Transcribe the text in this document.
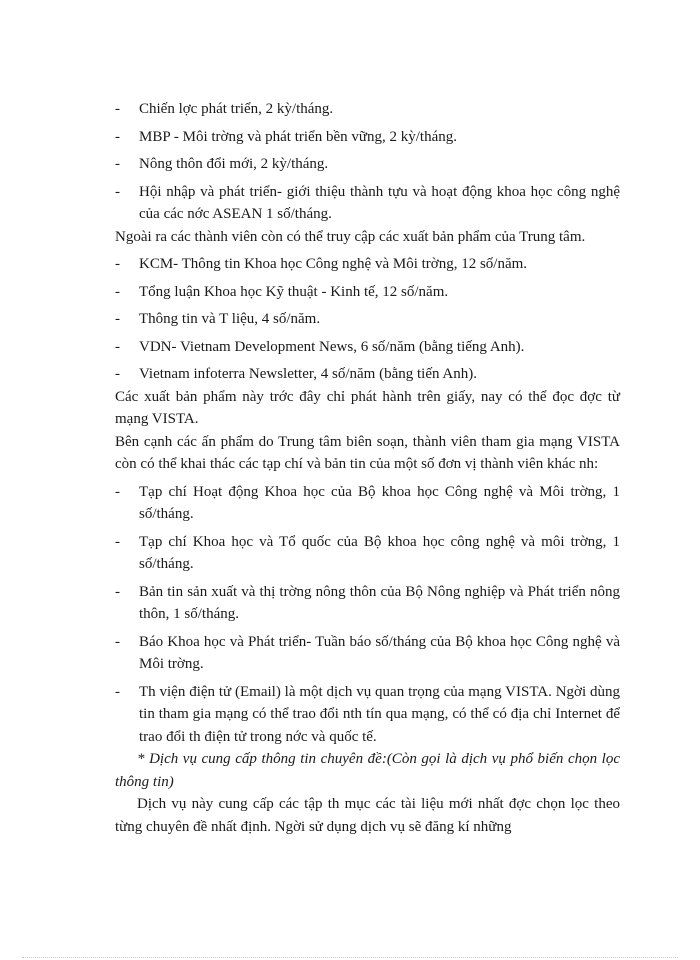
-	Chiến lợc phát triển, 2 kỳ/tháng.
-	MBP - Môi trờng và phát triển bền vững, 2 kỳ/tháng.
-	Nông thôn đổi mới, 2 kỳ/tháng.
-	Hội nhập và phát triển- giới thiệu thành tựu và hoạt động khoa học công nghệ của các nớc ASEAN 1 số/tháng.

Ngoài ra các thành viên còn có thể truy cập các xuất bản phẩm của Trung tâm.

-	KCM- Thông tin Khoa học Công nghệ và Môi trờng, 12 số/năm.
-	Tổng luận Khoa học Kỹ thuật - Kinh tế, 12 số/năm.
-	Thông tin và T liệu, 4 số/năm.
-	VDN- Vietnam Development News, 6 số/năm (bằng tiếng Anh).
-	Vietnam infoterra Newsletter, 4 số/năm (bằng tiến Anh).

Các xuất bản phẩm này trớc đây chỉ phát hành trên giấy, nay có thể đọc đợc từ mạng VISTA.

Bên cạnh các ấn phẩm do Trung tâm biên soạn, thành viên tham gia mạng VISTA còn có thể khai thác các tạp chí và bản tin của một số đơn vị thành viên khác nh:

-	Tạp chí Hoạt động Khoa học của Bộ khoa học Công nghệ và Môi trờng, 1 số/tháng.
-	Tạp chí Khoa học và Tổ quốc của Bộ khoa học công nghệ và môi trờng, 1 số/tháng.
-	Bản tin sản xuất và thị trờng nông thôn của Bộ Nông nghiệp và Phát triển nông thôn, 1 số/tháng.
-	Báo Khoa học và Phát triển- Tuần báo số/tháng của Bộ khoa học Công nghệ và Môi trờng.
-	Th viện điện tử (Email) là một dịch vụ quan trọng của mạng VISTA. Ngời dùng tin tham gia mạng có thể trao đổi nth tín qua mạng, có thể có địa chỉ Internet để trao đổi th điện tử trong nớc và quốc tế.

* Dịch vụ cung cấp thông tin chuyên đề:(Còn gọi là dịch vụ phổ biến chọn lọc thông tin)

Dịch vụ này cung cấp các tập th mục các tài liệu mới nhất đợc chọn lọc theo từng chuyên đề nhất định. Ngời sử dụng dịch vụ sẽ đăng kí những
